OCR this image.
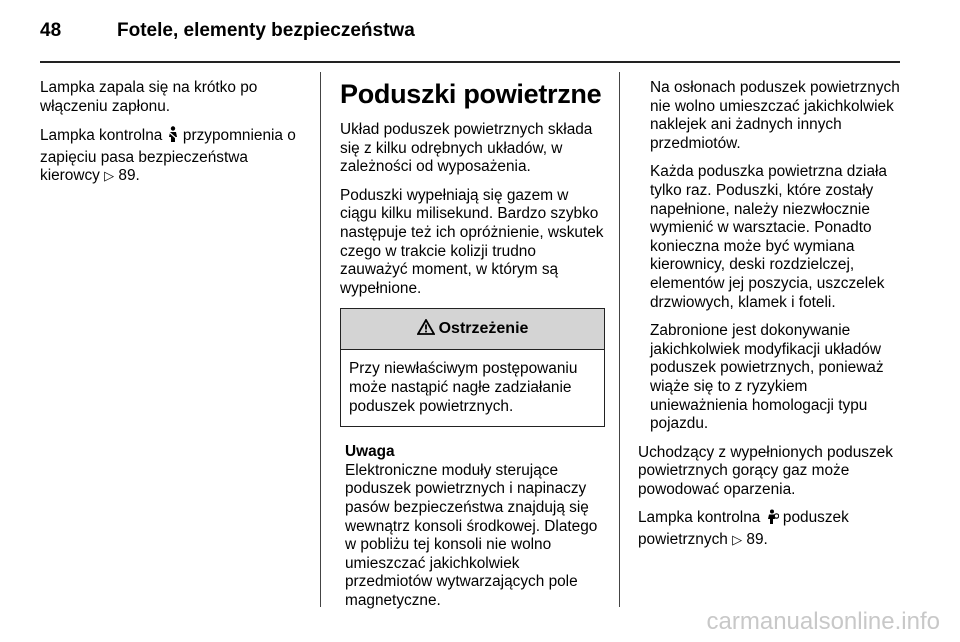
48	Fotele, elementy bezpieczeństwa

Lampka zapala się na krótko po włączeniu zapłonu.

Lampka kontrolna  przypomnienia o zapięciu pasa bezpieczeństwa kierowcy ▷ 89.

Poduszki powietrzne

Układ poduszek powietrznych składa się z kilku odrębnych układów, w zależności od wyposażenia.

Poduszki wypełniają się gazem w ciągu kilku milisekund. Bardzo szybko następuje też ich opróżnienie, wskutek czego w trakcie kolizji trudno zauważyć moment, w którym są wypełnione.

Ostrzeżenie
Przy niewłaściwym postępowaniu może nastąpić nagłe zadziałanie poduszek powietrznych.
Uwaga
Elektroniczne moduły sterujące poduszek powietrznych i napinaczy pasów bezpieczeństwa znajdują się wewnątrz konsoli środkowej. Dlatego w pobliżu tej konsoli nie wolno umieszczać jakichkolwiek przedmiotów wytwarzających pole magnetyczne.

Na osłonach poduszek powietrznych nie wolno umieszczać jakichkolwiek naklejek ani żadnych innych przedmiotów.

Każda poduszka powietrzna działa tylko raz. Poduszki, które zostały napełnione, należy niezwłocznie wymienić w warsztacie. Ponadto konieczna może być wymiana kierownicy, deski rozdzielczej, elementów jej poszycia, uszczelek drzwiowych, klamek i foteli.

Zabronione jest dokonywanie jakichkolwiek modyfikacji układów poduszek powietrznych, ponieważ wiąże się to z ryzykiem unieważnienia homologacji typu pojazdu.

Uchodzący z wypełnionych poduszek powietrznych gorący gaz może powodować oparzenia.

Lampka kontrolna  poduszek powietrznych ▷ 89.

carmanualsonline.info
